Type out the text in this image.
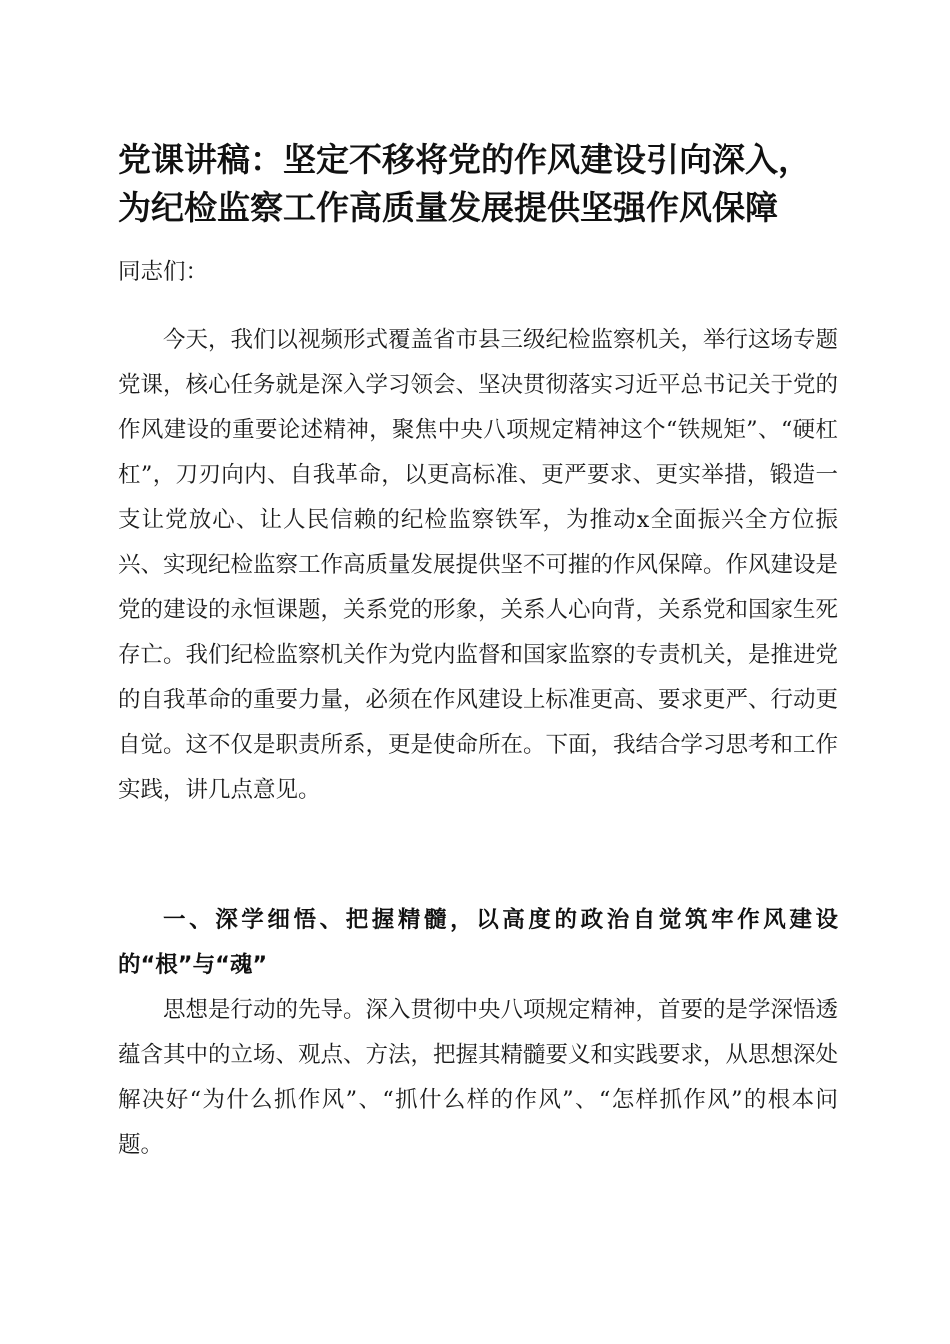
党课讲稿：坚定不移将党的作风建设引向深入，
为纪检监察工作高质量发展提供坚强作风保障
同志们：

今天，我们以视频形式覆盖省市县三级纪检监察机关，举行这场专题党课，核心任务就是深入学习领会、坚决贯彻落实习近平总书记关于党的作风建设的重要论述精神，聚焦中央八项规定精神这个“铁规矩”、“硬杠杠”，刀刃向内、自我革命，以更高标准、更严要求、更实举措，锻造一支让党放心、让人民信赖的纪检监察铁军，为推动x全面振兴全方位振兴、实现纪检监察工作高质量发展提供坚不可摧的作风保障。作风建设是党的建设的永恒课题，关系党的形象，关系人心向背，关系党和国家生死存亡。我们纪检监察机关作为党内监督和国家监察的专责机关，是推进党的自我革命的重要力量，必须在作风建设上标准更高、要求更严、行动更自觉。这不仅是职责所系，更是使命所在。下面，我结合学习思考和工作实践，讲几点意见。

一、深学细悟、把握精髓，以高度的政治自觉筑牢作风建设的“根”与“魂”

思想是行动的先导。深入贯彻中央八项规定精神，首要的是学深悟透蕴含其中的立场、观点、方法，把握其精髓要义和实践要求，从思想深处解决好“为什么抓作风”、“抓什么样的作风”、“怎样抓作风”的根本问题。
